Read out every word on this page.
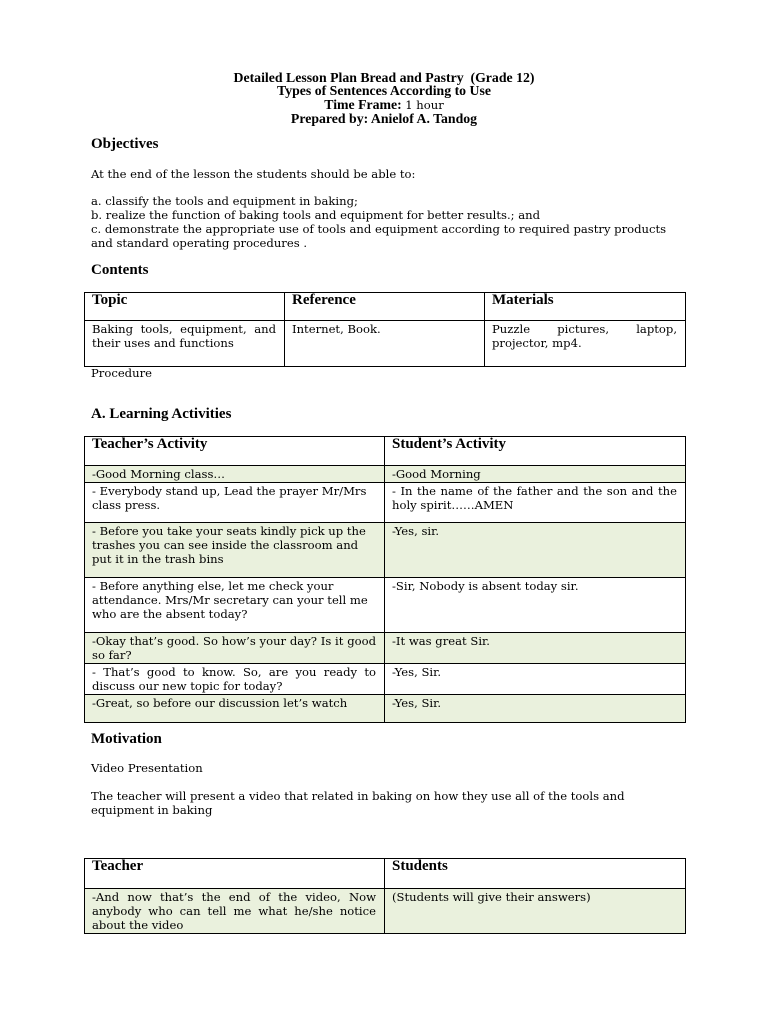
Detailed Lesson Plan Bread and Pastry  (Grade 12)
Types of Sentences According to Use
Time Frame: 1 hour
Prepared by: Anielof A. Tandog
Objectives
At the end of the lesson the students should be able to:
a. classify the tools and equipment in baking;
b. realize the function of baking tools and equipment for better results.; and
c. demonstrate the appropriate use of tools and equipment according to required pastry products and standard operating procedures .
Contents
Topic	Reference	Materials
Baking tools, equipment, and their uses and functions	Internet, Book.	Puzzle pictures, laptop, projector, mp4.
Procedure
A. Learning Activities
Teacher’s Activity	Student’s Activity
-Good Morning class…	-Good Morning
- Everybody stand up, Lead the prayer Mr/Mrs class press.	- In the name of the father and the son and the holy spirit……AMEN
- Before you take your seats kindly pick up the trashes you can see inside the classroom and put it in the trash bins	-Yes, sir.
- Before anything else, let me check your attendance. Mrs/Mr secretary can your tell me who are the absent today?	-Sir, Nobody is absent today sir.
-Okay that’s good. So how’s your day? Is it good so far?	-It was great Sir.
- That’s good to know. So, are you ready to discuss our new topic for today?	-Yes, Sir.
-Great, so before our discussion let’s watch	-Yes, Sir.
Motivation
Video Presentation
The teacher will present a video that related in baking on how they use all of the tools and equipment in baking
Teacher	Students
-And now that’s the end of the video, Now anybody who can tell me what he/she notice about the video	(Students will give their answers)
